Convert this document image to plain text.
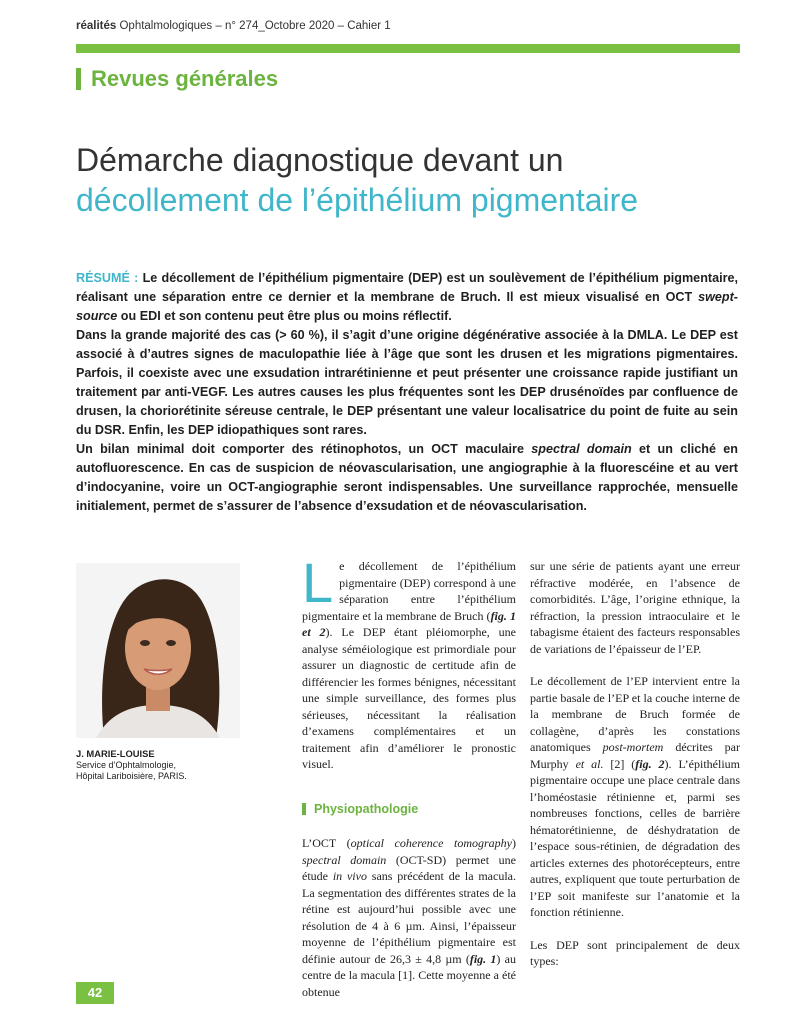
réalités Ophtalmologiques – n° 274_Octobre 2020 – Cahier 1
Revues générales
Démarche diagnostique devant un
décollement de l’épithélium pigmentaire

RÉSUMÉ : Le décollement de l’épithélium pigmentaire (DEP) est un soulèvement de l’épithélium pigmentaire, réalisant une séparation entre ce dernier et la membrane de Bruch. Il est mieux visualisé en OCT swept-source ou EDI et son contenu peut être plus ou moins réflectif.

Dans la grande majorité des cas (> 60 %), il s’agit d’une origine dégénérative associée à la DMLA. Le DEP est associé à d’autres signes de maculopathie liée à l’âge que sont les drusen et les migrations pigmentaires. Parfois, il coexiste avec une exsudation intrarétinienne et peut présenter une croissance rapide justifiant un traitement par anti-VEGF. Les autres causes les plus fréquentes sont les DEP drusénoïdes par confluence de drusen, la choriorétinite séreuse centrale, le DEP présentant une valeur localisatrice du point de fuite au sein du DSR. Enfin, les DEP idiopathiques sont rares.

Un bilan minimal doit comporter des rétinophotos, un OCT maculaire spectral domain et un cliché en autofluorescence. En cas de suspicion de néovascularisation, une angiographie à la fluorescéine et au vert d’indocyanine, voire un OCT-angiographie seront indispensables. Une surveillance rapprochée, mensuelle initialement, permet de s’assurer de l’absence d’exsudation et de néovascularisation.

J. MARIE-LOUISE
Service d’Ophtalmologie,
Hôpital Lariboisière, PARIS.

Le décollement de l’épithélium pigmentaire (DEP) correspond à une séparation entre l’épithélium pigmentaire et la membrane de Bruch (fig. 1 et 2). Le DEP étant pléiomorphe, une analyse séméiologique est primordiale pour assurer un diagnostic de certitude afin de différencier les formes bénignes, nécessitant une simple surveillance, des formes plus sérieuses, nécessitant la réalisation d’examens complémentaires et un traitement afin d’améliorer le pronostic visuel.

Physiopathologie

L’OCT (optical coherence tomography) spectral domain (OCT-SD) permet une étude in vivo sans précédent de la macula. La segmentation des différentes strates de la rétine est aujourd’hui possible avec une résolution de 4 à 6 µm. Ainsi, l’épaisseur moyenne de l’épithélium pigmentaire est définie autour de 26,3 ± 4,8 µm (fig. 1) au centre de la macula [1]. Cette moyenne a été obtenue

sur une série de patients ayant une erreur réfractive modérée, en l’absence de comorbidités. L’âge, l’origine ethnique, la réfraction, la pression intraoculaire et le tabagisme étaient des facteurs responsables de variations de l’épaisseur de l’EP.

Le décollement de l’EP intervient entre la partie basale de l’EP et la couche interne de la membrane de Bruch formée de collagène, d’après les constations anatomiques post-mortem décrites par Murphy et al. [2] (fig. 2). L’épithélium pigmentaire occupe une place centrale dans l’homéostasie rétinienne et, parmi ses nombreuses fonctions, celles de barrière hématorétinienne, de déshydratation de l’espace sous-rétinien, de dégradation des articles externes des photorécepteurs, entre autres, expliquent que toute perturbation de l’EP soit manifeste sur l’anatomie et la fonction rétinienne.

Les DEP sont principalement de deux types:

42
